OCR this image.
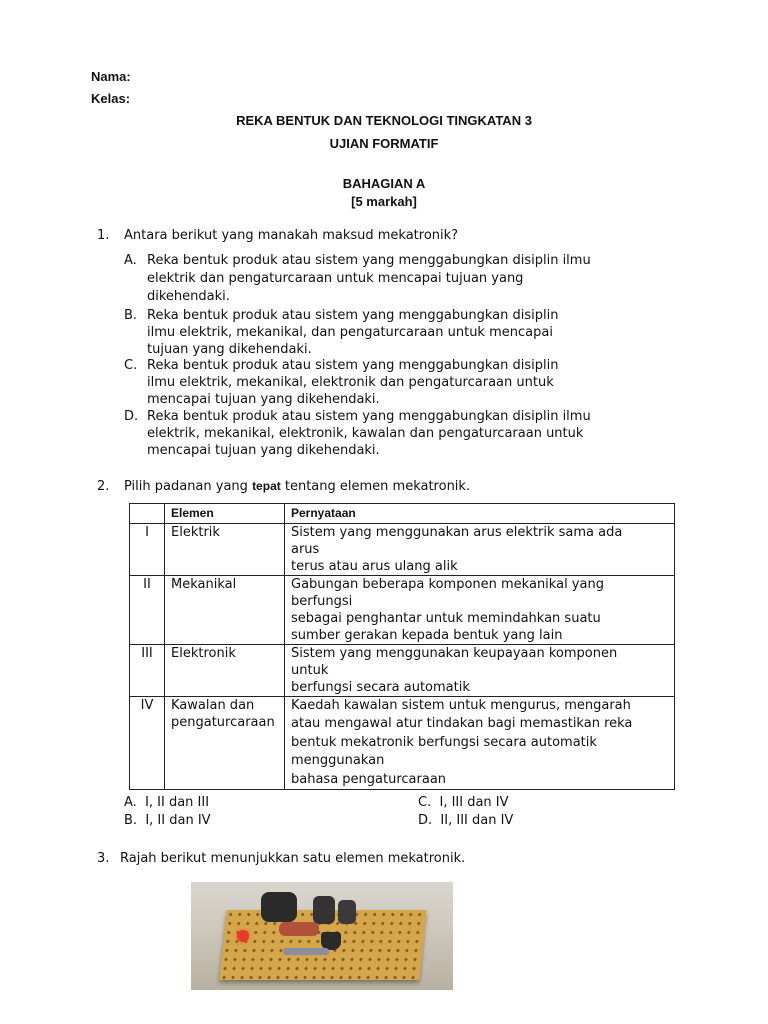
Nama:
Kelas:
REKA BENTUK DAN TEKNOLOGI TINGKATAN 3
UJIAN FORMATIF
BAHAGIAN A
[5 markah]
1. Antara berikut yang manakah maksud mekatronik?
A. Reka bentuk produk atau sistem yang menggabungkan disiplin ilmu
elektrik dan pengaturcaraan untuk mencapai tujuan yang
dikehendaki.
B. Reka bentuk produk atau sistem yang menggabungkan disiplin
ilmu elektrik, mekanikal, dan pengaturcaraan untuk mencapai
tujuan yang dikehendaki.
C. Reka bentuk produk atau sistem yang menggabungkan disiplin
ilmu elektrik, mekanikal, elektronik dan pengaturcaraan untuk
mencapai tujuan yang dikehendaki.
D. Reka bentuk produk atau sistem yang menggabungkan disiplin ilmu
elektrik, mekanikal, elektronik, kawalan dan pengaturcaraan untuk
mencapai tujuan yang dikehendaki.
2. Pilih padanan yang tepat tentang elemen mekatronik.
	Elemen	Pernyataan
I	Elektrik	Sistem yang menggunakan arus elektrik sama ada
arus
terus atau arus ulang alik

II	Mekanikal	Gabungan beberapa komponen mekanikal yang
berfungsi
sebagai penghantar untuk memindahkan suatu
sumber gerakan kepada bentuk yang lain

III	Elektronik	Sistem yang menggunakan keupayaan komponen
untuk
berfungsi secara automatik

IV	Kawalan dan
pengaturcaraan	Kaedah kawalan sistem untuk mengurus, mengarah
atau mengawal atur tindakan bagi memastikan reka
bentuk mekatronik berfungsi secara automatik
menggunakan
bahasa pengaturcaraan
A. I, II dan III
B. I, II dan IV
C. I, III dan IV
D. II, III dan IV
3. Rajah berikut menunjukkan satu elemen mekatronik.
